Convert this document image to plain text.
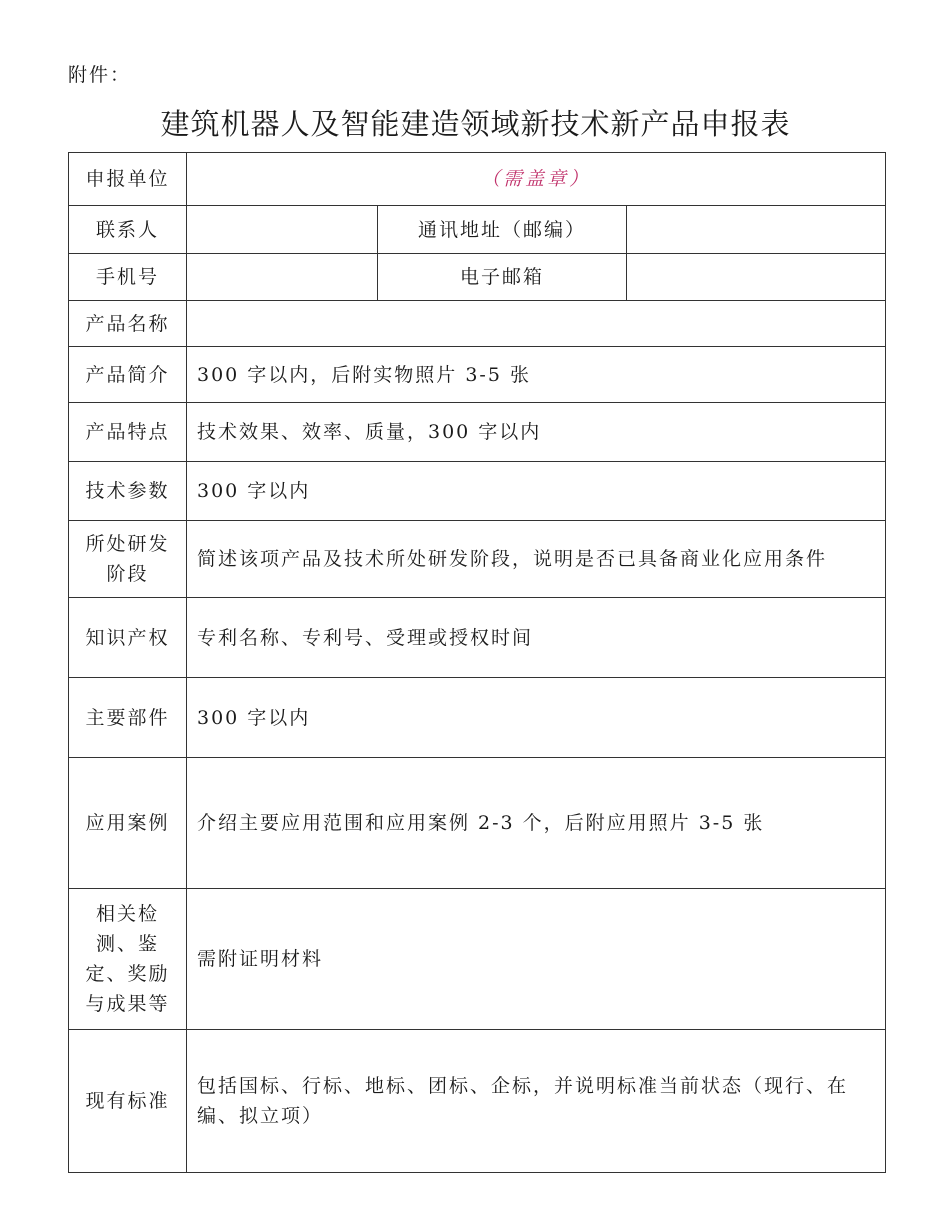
附件：
建筑机器人及智能建造领域新技术新产品申报表
申报单位	（需盖章）		
联系人		通讯地址（邮编）	
手机号		电子邮箱	
产品名称			
产品简介	300 字以内，后附实物照片 3-5 张		
产品特点	技术效果、效率、质量，300 字以内		
技术参数	300 字以内		
所处研发阶段	简述该项产品及技术所处研发阶段，说明是否已具备商业化应用条件		
知识产权	专利名称、专利号、受理或授权时间		
主要部件	300 字以内		
应用案例	介绍主要应用范围和应用案例 2-3 个，后附应用照片 3-5 张		
相关检测、鉴定、奖励与成果等	需附证明材料		
现有标准	包括国标、行标、地标、团标、企标，并说明标准当前状态（现行、在编、拟立项）		
